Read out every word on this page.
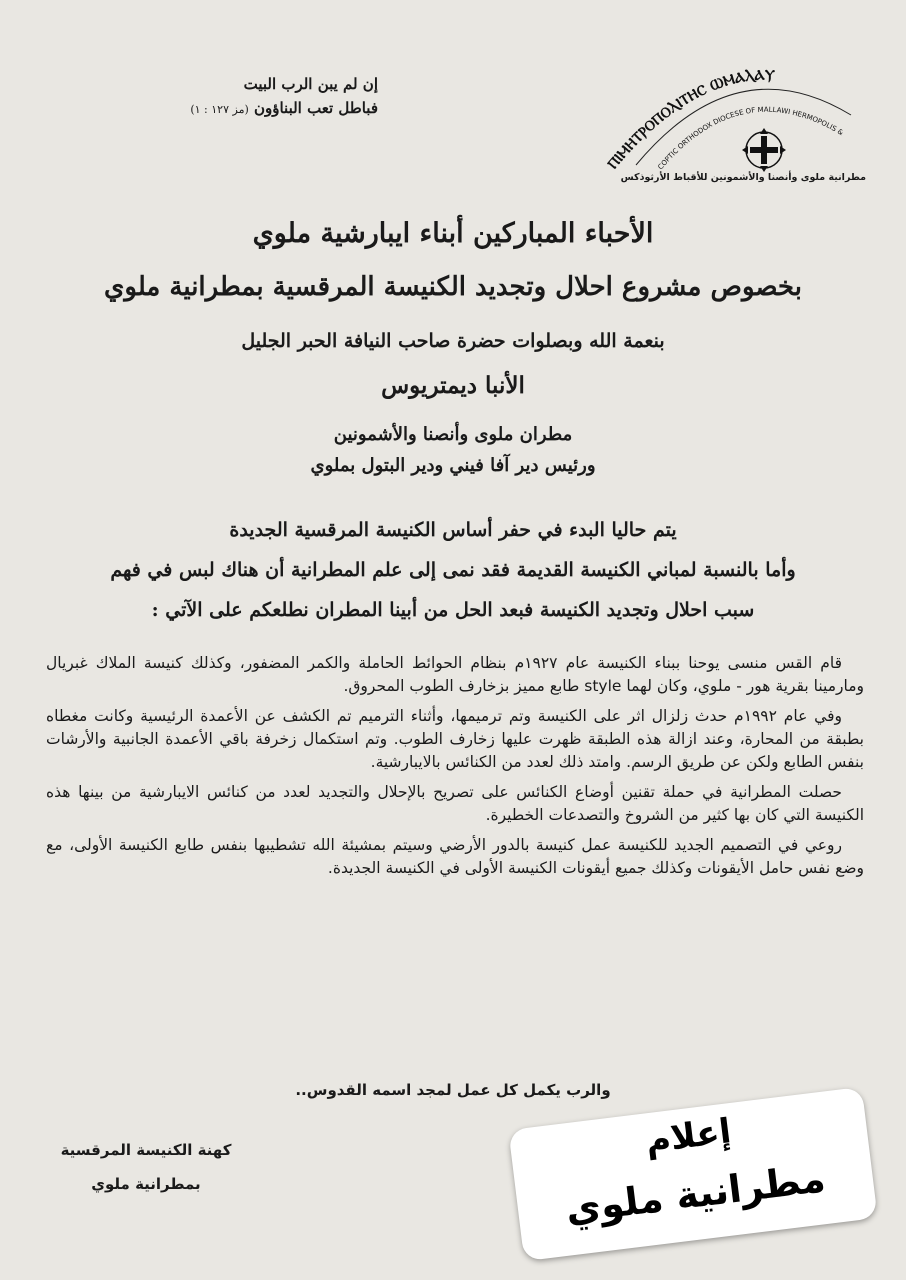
إن لم يبن الرب البيت
فباطل تعب البناؤون (مز ١٢٧ : ١)
ⲠⲒⲘⲎⲦⲢⲞⲠⲞⲖⲒⲦⲎⲤ ⲰⲘⲀⲖⲀⲨ
COPTIC ORTHODOX DIOCESE OF MALLAWI HERMOPOLIS &
مطرانية ملوى وأنصنا والأشمونين للأقباط الأرثوذكس
الأحباء المباركين أبناء ايبارشية ملوي
بخصوص مشروع احلال وتجديد الكنيسة المرقسية بمطرانية ملوي
بنعمة الله وبصلوات حضرة صاحب النيافة الحبر الجليل
الأنبا ديمتريوس
مطران ملوى وأنصنا والأشمونين
ورئيس دير آفا فيني ودير البتول بملوي
يتم حاليا البدء في حفر أساس الكنيسة المرقسية الجديدة
وأما بالنسبة لمباني الكنيسة القديمة فقد نمى إلى علم المطرانية أن هناك لبس في فهم
سبب احلال وتجديد الكنيسة فبعد الحل من أبينا المطران نطلعكم على الآتي :

قام القس منسى يوحنا ببناء الكنيسة عام ١٩٢٧م بنظام الحوائط الحاملة والكمر المضفور، وكذلك كنيسة الملاك غبريال ومارمينا بقرية هور - ملوي، وكان لهما style طابع مميز بزخارف الطوب المحروق.

وفي عام ١٩٩٢م حدث زلزال اثر على الكنيسة وتم ترميمها، وأثناء الترميم تم الكشف عن الأعمدة الرئيسية وكانت مغطاه بطبقة من المحارة، وعند ازالة هذه الطبقة ظهرت عليها زخارف الطوب. وتم استكمال زخرفة باقي الأعمدة الجانبية والأرشات بنفس الطابع ولكن عن طريق الرسم. وامتد ذلك لعدد من الكنائس بالايبارشية.

حصلت المطرانية في حملة تقنين أوضاع الكنائس على تصريح بالإحلال والتجديد لعدد من كنائس الايبارشية من بينها هذه الكنيسة التي كان بها كثير من الشروخ والتصدعات الخطيرة.

روعي في التصميم الجديد للكنيسة عمل كنيسة بالدور الأرضي وسيتم بمشيئة الله تشطيبها بنفس طابع الكنيسة الأولى، مع وضع نفس حامل الأيقونات وكذلك جميع أيقونات الكنيسة الأولى في الكنيسة الجديدة.

والرب يكمل كل عمل لمجد اسمه القدوس..
كهنة الكنيسة المرقسية
بمطرانية ملوي
إعلام
مطرانية ملوي
